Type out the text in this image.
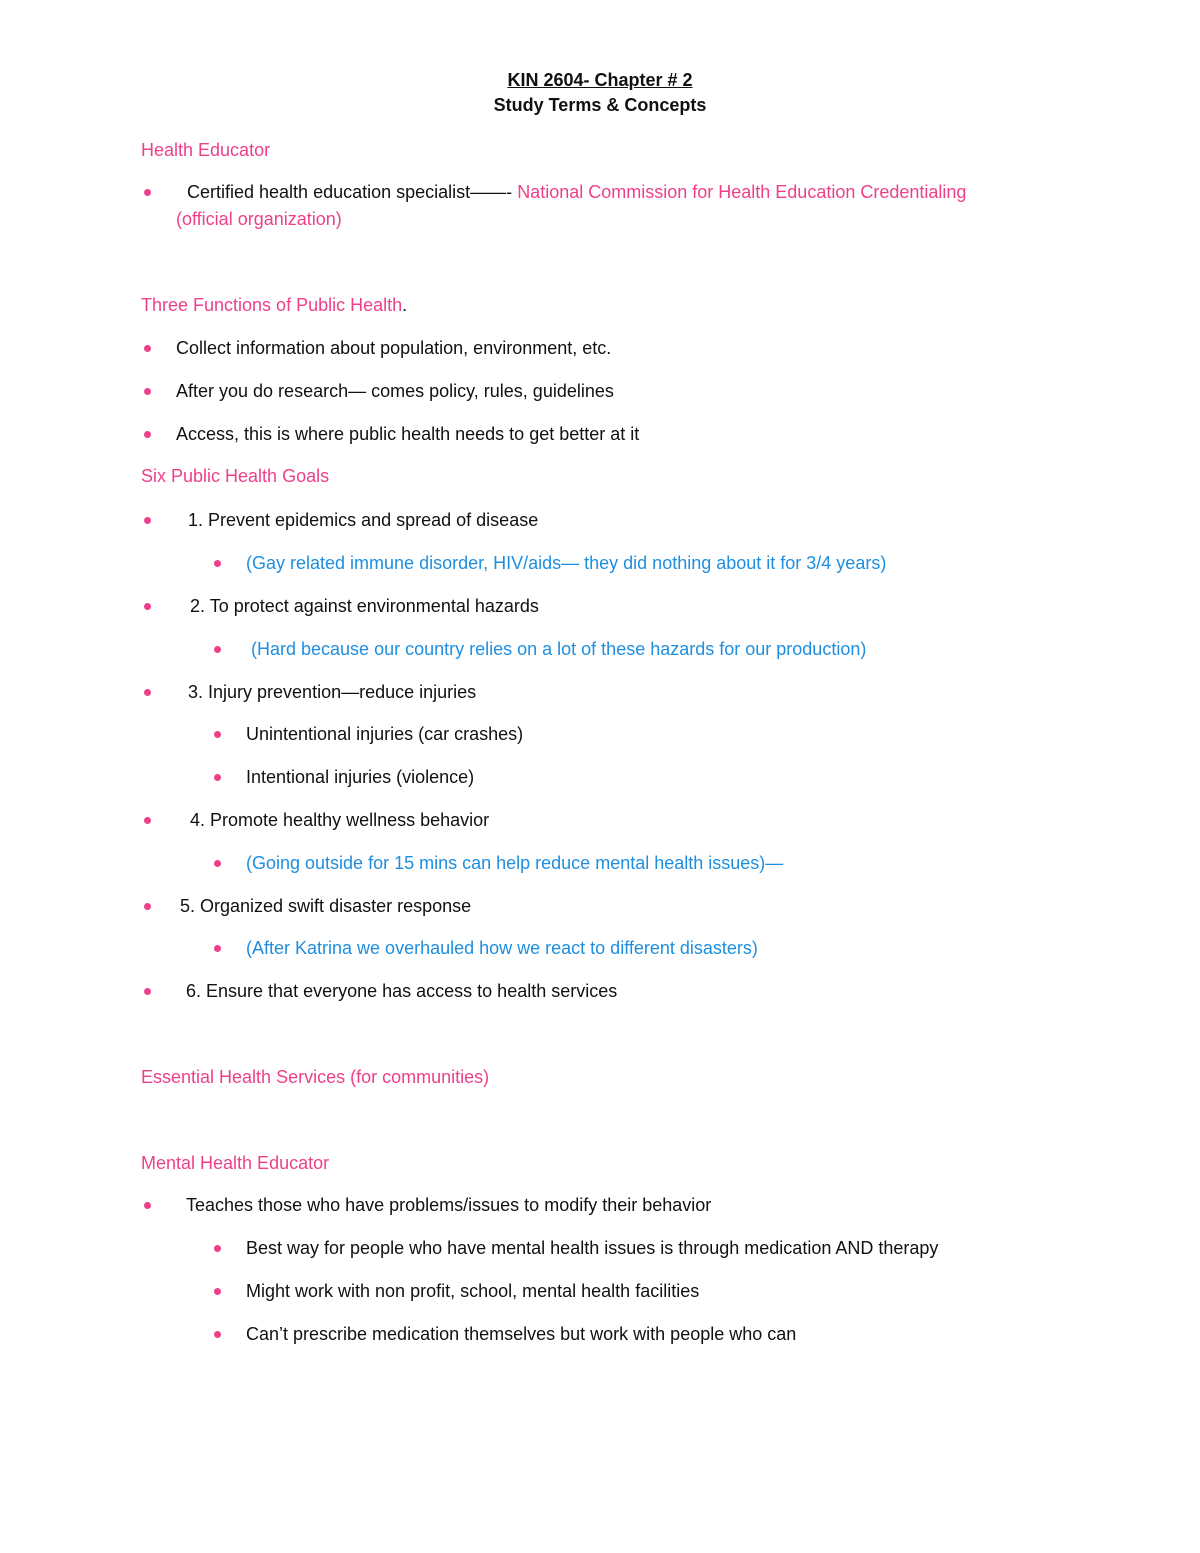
KIN 2604- Chapter # 2
Study Terms & Concepts
Health Educator
Certified health education specialist——- National Commission for Health Education Credentialing
(official organization)
Three Functions of Public Health.
Collect information about population, environment, etc.
After you do research— comes policy, rules, guidelines
Access, this is where public health needs to get better at it
Six Public Health Goals
1. Prevent epidemics and spread of disease
(Gay related immune disorder, HIV/aids— they did nothing about it for 3/4 years)
2. To protect against environmental hazards
(Hard because our country relies on a lot of these hazards for our production)
3. Injury prevention—reduce injuries
Unintentional injuries (car crashes)
Intentional injuries (violence)
4. Promote healthy wellness behavior
(Going outside for 15 mins can help reduce mental health issues)—
5. Organized swift disaster response
(After Katrina we overhauled how we react to different disasters)
6. Ensure that everyone has access to health services
Essential Health Services (for communities)
Mental Health Educator
Teaches those who have problems/issues to modify their behavior
Best way for people who have mental health issues is through medication AND therapy
Might work with non profit, school, mental health facilities
Can’t prescribe medication themselves but work with people who can
